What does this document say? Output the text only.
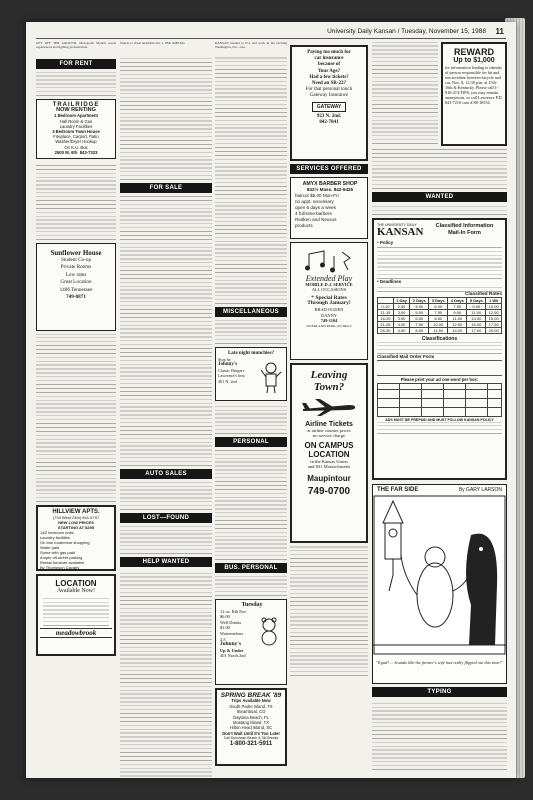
University Daily Kansan / Tuesday, November 15, 1988 11
GET OFF THE GROUND. Metropolis Models needs experienced and fighting professionals.
FOR RENT
TRAILRIDGE
NOW RENTING
1 Bedroom Apartment
Hall Room & Gas
Laundry Facilities
3 Bedroom Town House
Fireplace, Carport, Patio
Washer/Dryer Hookup
On K.U. Bus
2500 W. 6th 843-7333
Sunflower House
Student Co-op
Private Rooms
Low rates
Great Location
1406 Tennessee
749-0871
HILLVIEW APTS.
(733 West 24th) 841-5797
NEW LOW PRICES
STARTING AT $295
1&2 bedroom units
Laundry facilities
On bus route/near shopping
Water paid
Some with gas paid
Ample off-street parking
Rental furniture available
By Thompson Cavalry
LOCATION
Available Now!
meadowbrook
WALK to class! Available Jan. 1. 1BR, $280/Mo.
FOR SALE
AUTO SALES
LOST—FOUND
HELP WANTED
KANSAN needed to live and work in the exciting Washington, D.C. area.
MISCELLANEOUS
Late night munchies?
Stop by
Johnny's
Classic Burgers
Lawrence's best
401 N. 2nd
PERSONAL
BUS. PERSONAL
Tuesday
12 oz. Rib Eye
$6.00
Well Drinks
$1.00
Watermelons
2.5
Johnny's
Up & Under
401 North 2nd
SPRING BREAK '89
Trips Available Now
South Padre Island, TX
Steamboat, CO
Daytona Beach, FL
Mustang Island, TX
Hilton Head Island, SC
Don't Wait Until It's Too Late!
Call Sunchase Beach & Ski Breaks
1-800-321-5911
Paying too much for
car insurance
because of
Your Age?
Had a few tickets?
Need an SR-22?
For that personal touch
Gateway Insurance
GATEWAY
923 N. 2nd.
842-7841
SERVICES OFFERED
AMYX BARBER SHOP
842½ Mass. 842-9425
haircut $5.00 Mon-Fri
no appt. necessary
open 6 days a week
4 full-time barbers
Redken and Nexxus
products
Extended Play
MOBILE D.J. SERVICE
ALL OCCASIONS
* Special Rates
Through January!
BRAD OGDEN
DANNY
749-1104
OVERLAND PARK, KS 66212
Leaving
Town?
Airline Tickets
at airline counter prices
no service charge
ON CAMPUS
LOCATION
in the Kansas Union
and 831 Massachusetts
Maupintour
749-0700
REWARD
Up to $1,000
for information leading to identity of person responsible for hit and run accident between bicycle and car, Nov. 8, 12:30 p.m. at 15th-16th & Kentucky. Please call 1-816-474-TIPS, you may remain anonymous, or call Lawrence P.D. 841-7210 case # 88-10554.
WANTED
THE UNIVERSITY DAILY
KANSAN	Classified Information
Mail-In Form
• Policy
• Deadlines
Classified Rates
	1 Day	2 Days	3 Days	4 Days	5 Days	1 Wk
0-10	2.50	4.50	6.00	7.50	9.00	10.00
11-15	3.00	5.50	7.50	9.00	11.00	12.50
16-20	3.50	6.50	8.50	11.00	13.00	15.00
21-25	4.00	7.50	10.00	12.50	15.00	17.50
26-30	4.50	8.50	11.50	14.00	17.00	20.00
Classifications
Classified Mail Order Form
Please print your ad one word per box:
ADS MUST BE PREPAID AND MUST FOLLOW KANSAN POLICY
THE FAR SIDE	By GARY LARSON
"Egad! ... Sounds like the farmer's wife has really flipped out this time!"
TYPING
